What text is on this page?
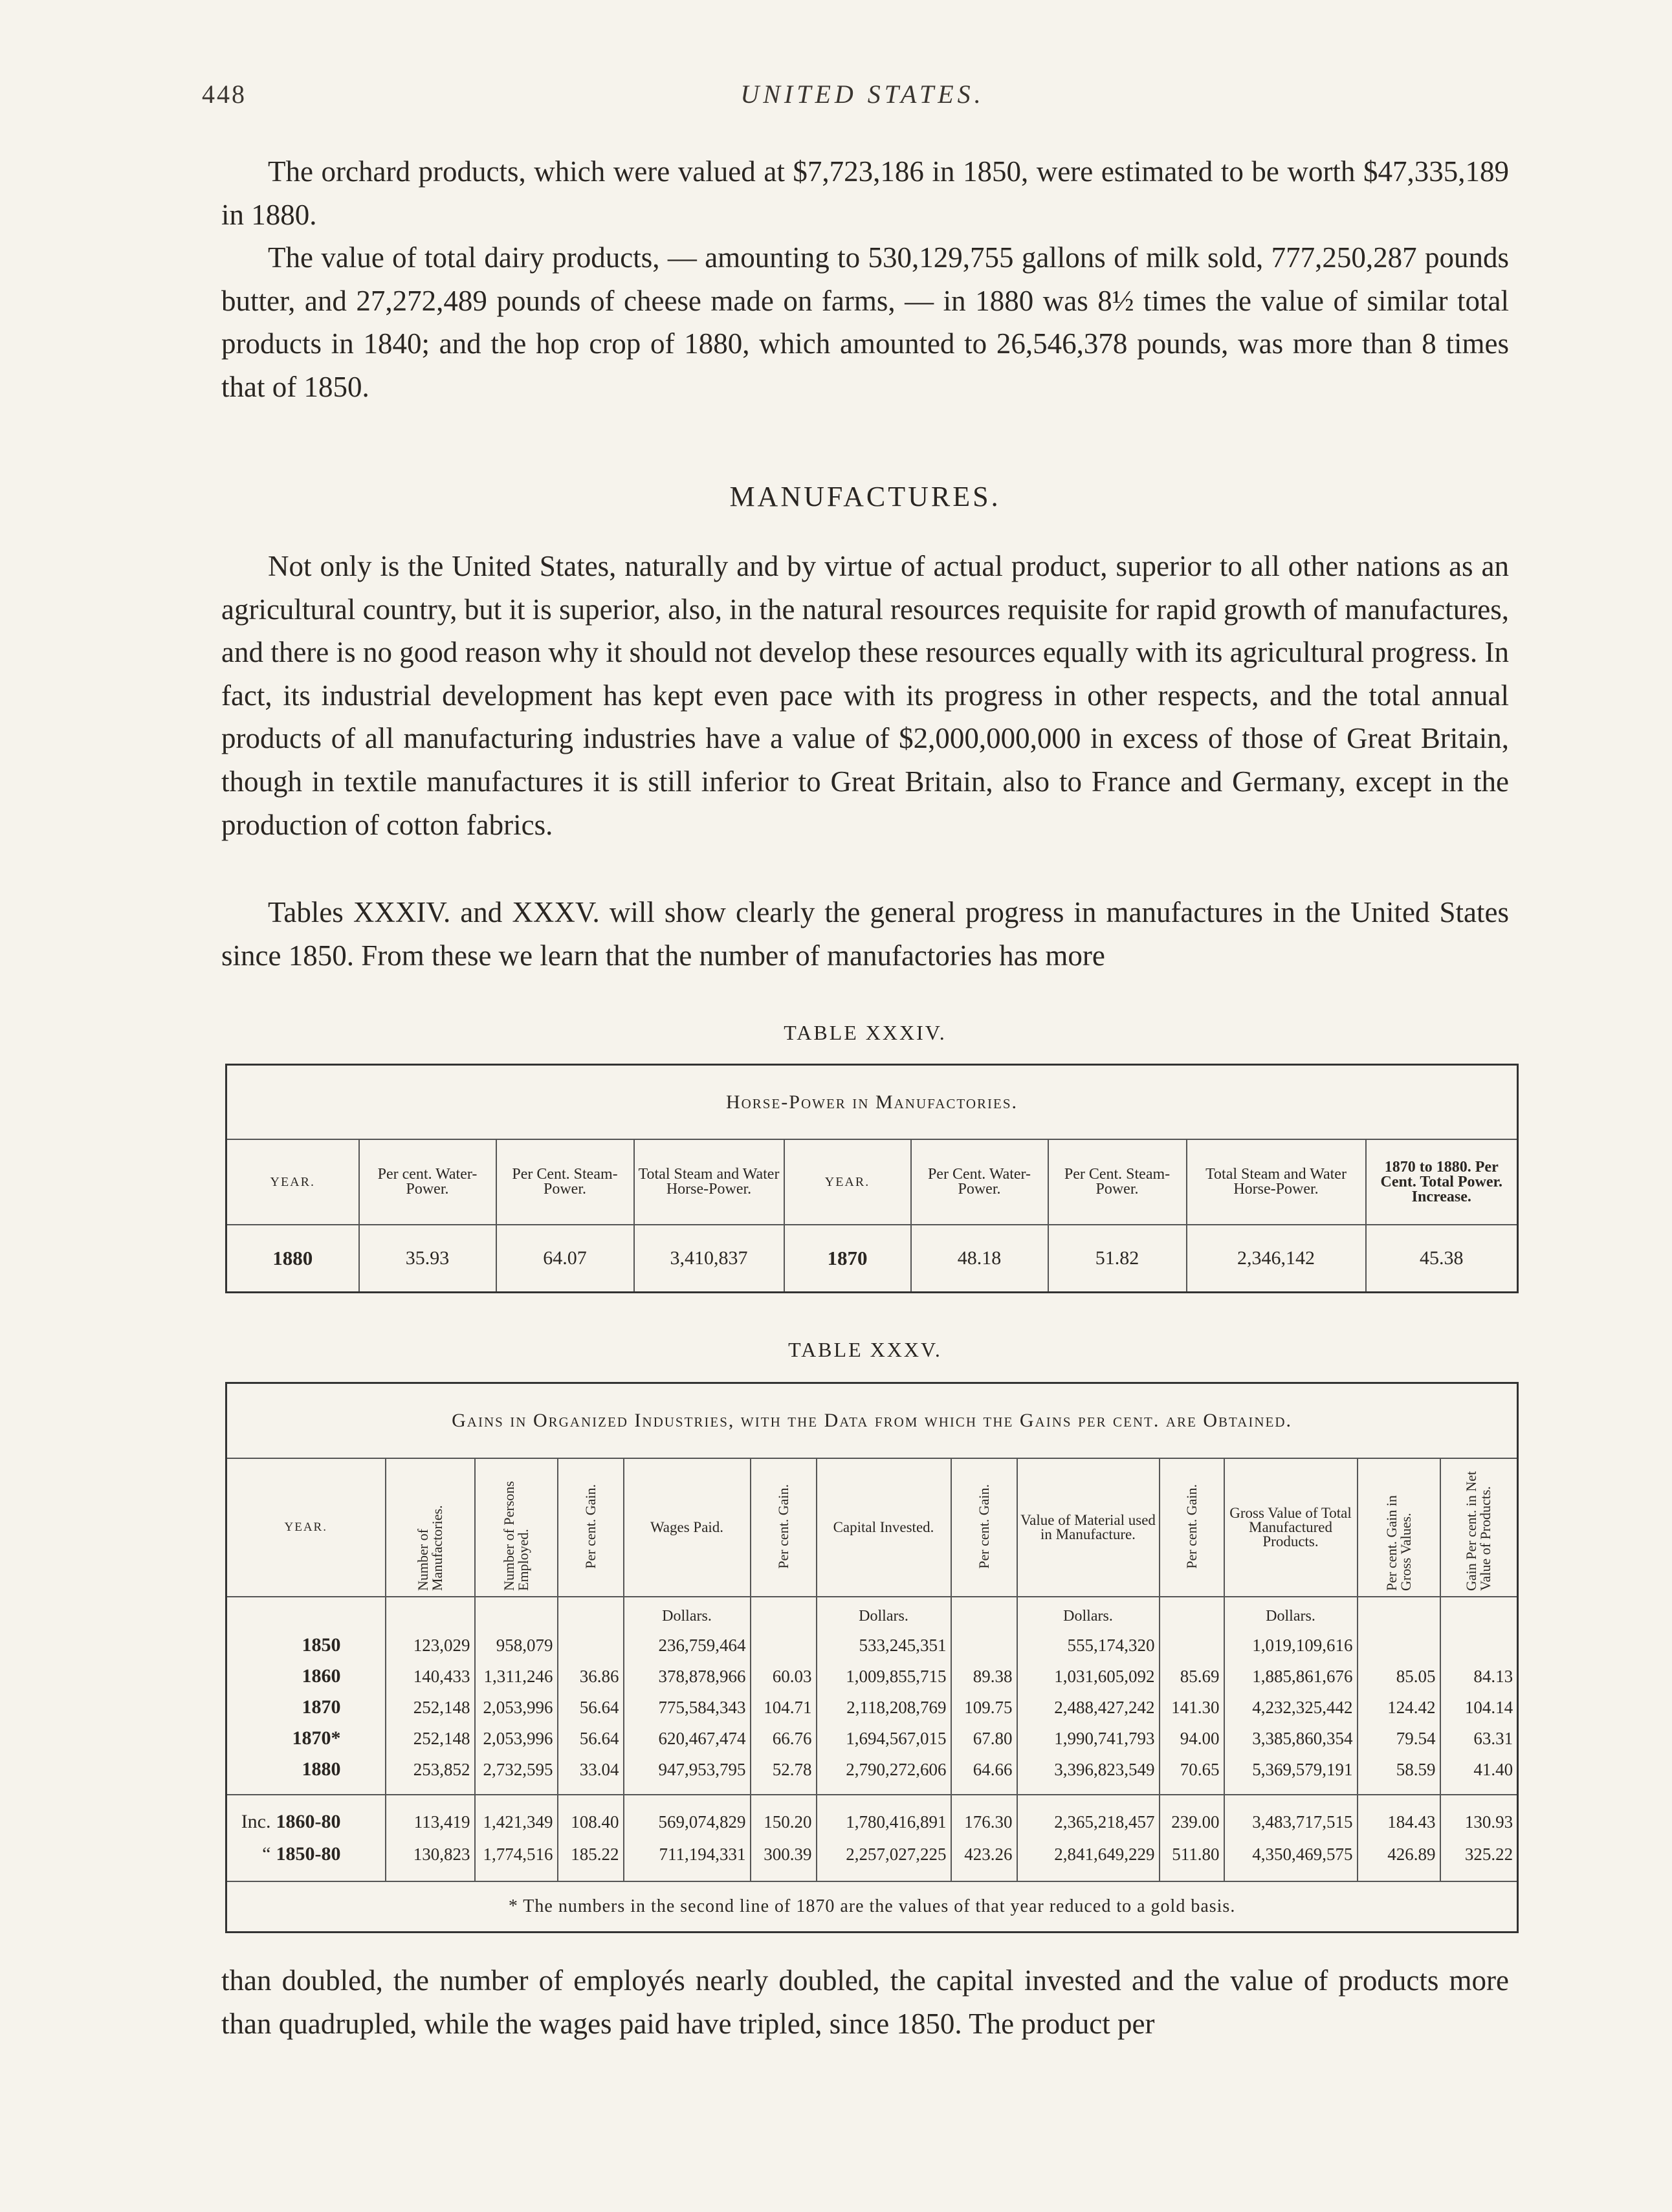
448	UNITED STATES.
The orchard products, which were valued at $7,723,186 in 1850, were estimated to be worth $47,335,189 in 1880.
The value of total dairy products, — amounting to 530,129,755 gallons of milk sold, 777,250,287 pounds butter, and 27,272,489 pounds of cheese made on farms, — in 1880 was 8½ times the value of similar total products in 1840; and the hop crop of 1880, which amounted to 26,546,378 pounds, was more than 8 times that of 1850.
MANUFACTURES.
Not only is the United States, naturally and by virtue of actual product, superior to all other nations as an agricultural country, but it is superior, also, in the natural resources requisite for rapid growth of manufactures, and there is no good reason why it should not develop these resources equally with its agricultural progress. In fact, its industrial development has kept even pace with its progress in other respects, and the total annual products of all manufacturing industries have a value of $2,000,000,000 in excess of those of Great Britain, though in textile manufactures it is still inferior to Great Britain, also to France and Germany, except in the production of cotton fabrics.
Tables XXXIV. and XXXV. will show clearly the general progress in manufactures in the United States since 1850. From these we learn that the number of manufactories has more
TABLE XXXIV.
Horse-Power in Manufactories.								
YEAR.	Per cent. Water-Power.	Per Cent. Steam-Power.	Total Steam and Water Horse-Power.	YEAR.	Per Cent. Water-Power.	Per Cent. Steam-Power.	Total Steam and Water Horse-Power.	1870 to 1880. Per Cent. Total Power. Increase.
1880	35.93	64.07	3,410,837	1870	48.18	51.82	2,346,142	45.38
TABLE XXXV.
Gains in Organized Industries, with the Data from which the Gains per cent. are Obtained.												
YEAR.	Number of Manufactories.	Number of Persons Employed.	Per cent. Gain.	Wages Paid.	Per cent. Gain.	Capital Invested.	Per cent. Gain.	Value of Material used in Manufacture.	Per cent. Gain.	Gross Value of Total Manufactured Products.	Per cent. Gain in Gross Values.	Gain Per cent. in Net Value of Products.
				Dollars.		Dollars.		Dollars.		Dollars.		
1850	123,029	958,079		236,759,464		533,245,351		555,174,320		1,019,109,616		
1860	140,433	1,311,246	36.86	378,878,966	60.03	1,009,855,715	89.38	1,031,605,092	85.69	1,885,861,676	85.05	84.13
1870	252,148	2,053,996	56.64	775,584,343	104.71	2,118,208,769	109.75	2,488,427,242	141.30	4,232,325,442	124.42	104.14
1870*	252,148	2,053,996	56.64	620,467,474	66.76	1,694,567,015	67.80	1,990,741,793	94.00	3,385,860,354	79.54	63.31
1880	253,852	2,732,595	33.04	947,953,795	52.78	2,790,272,606	64.66	3,396,823,549	70.65	5,369,579,191	58.59	41.40
Inc. 1860-80	113,419	1,421,349	108.40	569,074,829	150.20	1,780,416,891	176.30	2,365,218,457	239.00	3,483,717,515	184.43	130.93
“ 1850-80	130,823	1,774,516	185.22	711,194,331	300.39	2,257,027,225	423.26	2,841,649,229	511.80	4,350,469,575	426.89	325.22
* The numbers in the second line of 1870 are the values of that year reduced to a gold basis.												
than doubled, the number of employés nearly doubled, the capital invested and the value of products more than quadrupled, while the wages paid have tripled, since 1850. The product per
